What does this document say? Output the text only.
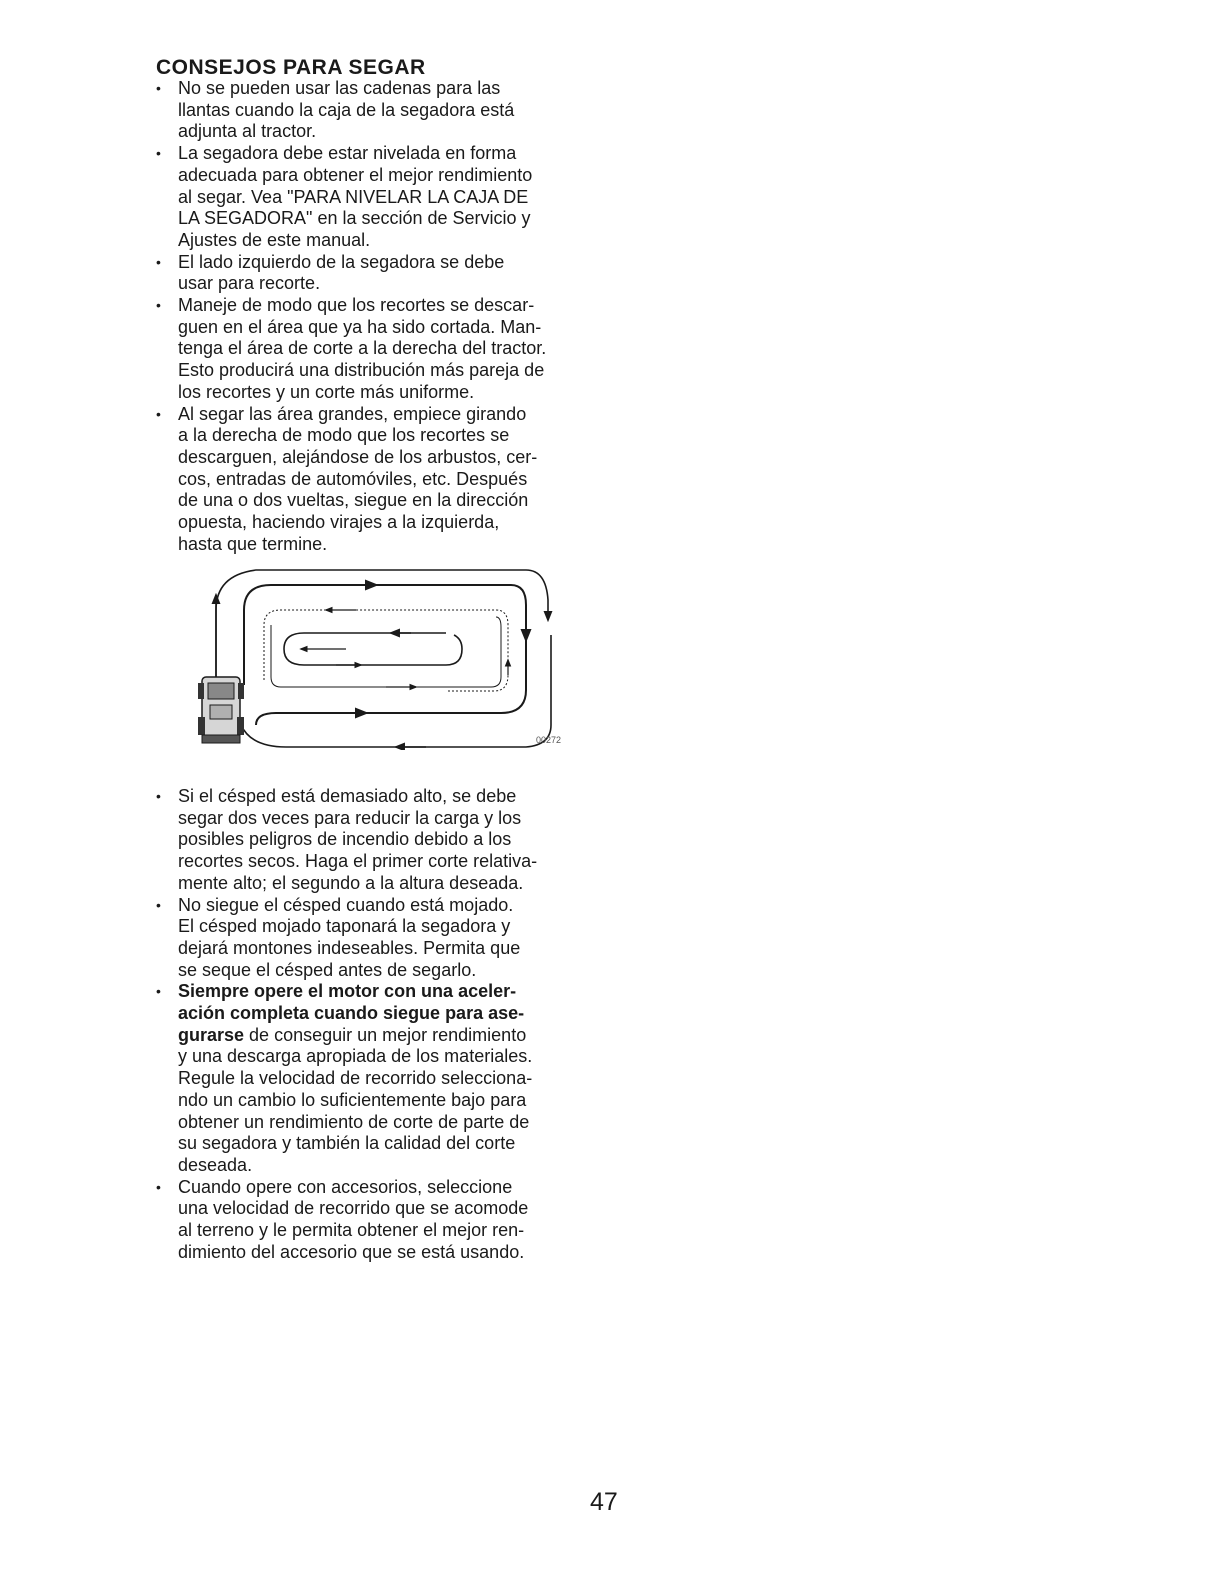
CONSEJOS PARA SEGAR
• No se pueden usar las cadenas para las
llantas cuando la caja de la segadora está
adjunta al tractor.
• La segadora debe estar nivelada en forma
adecuada para obtener el mejor rendimiento
al segar. Vea "PARA NIVELAR LA CAJA DE
LA SEGADORA" en la sección de Servicio y
Ajustes de este manual.
• El lado izquierdo de la segadora se debe
usar para recorte.
• Maneje de modo que los recortes se descar-
guen en el área que ya ha sido cortada. Man-
tenga el área de corte a la derecha del tractor.
Esto producirá una distribución más pareja de
los recortes y un corte más uniforme.
• Al segar las área grandes, empiece girando
a la derecha de modo que los recortes se
descarguen, alejándose de los arbustos, cer-
cos, entradas de automóviles, etc. Después
de una o dos vueltas, siegue en la dirección
opuesta, haciendo virajes a la izquierda,
hasta que termine.
00272
• Si el césped está demasiado alto, se debe
segar dos veces para reducir la carga y los
posibles peligros de incendio debido a los
recortes secos. Haga el primer corte relativa-
mente alto; el segundo a la altura deseada.
• No siegue el césped cuando está mojado.
El césped mojado taponará la segadora y
dejará montones indeseables. Permita que
se seque el césped antes de segarlo.
• Siempre opere el motor con una aceler-
ación completa cuando siegue para ase-
gurarse de conseguir un mejor rendimiento
y una descarga apropiada de los materiales.
Regule la velocidad de recorrido selecciona-
ndo un cambio lo suficientemente bajo para
obtener un rendimiento de corte de parte de
su segadora y también la calidad del corte
deseada.
• Cuando opere con accesorios, seleccione
una velocidad de recorrido que se acomode
al terreno y le permita obtener el mejor ren-
dimiento del accesorio que se está usando.
47
